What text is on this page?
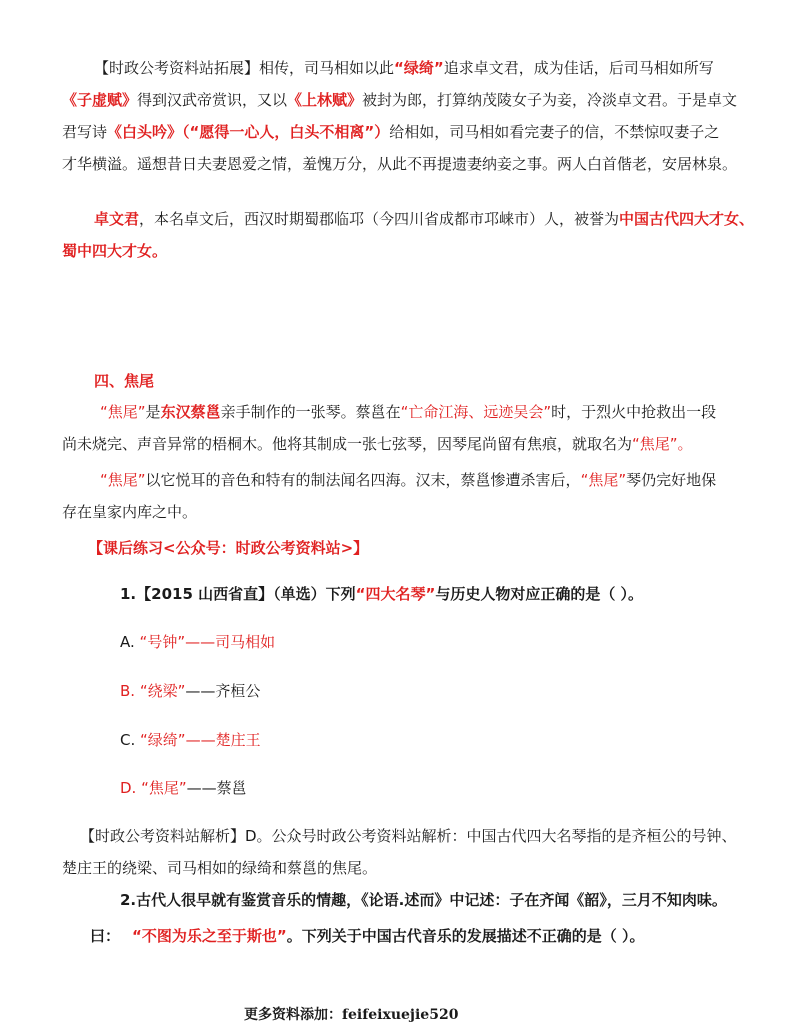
【时政公考资料站拓展】相传，司马相如以此“绿绮”追求卓文君，成为佳话，后司马相如所写
《子虚赋》得到汉武帝赏识，又以《上林赋》被封为郎，打算纳茂陵女子为妾，冷淡卓文君。于是卓文
君写诗《白头吟》（“愿得一心人，白头不相离”）给相如，司马相如看完妻子的信，不禁惊叹妻子之
才华横溢。遥想昔日夫妻恩爱之情，羞愧万分，从此不再提遗妻纳妾之事。两人白首偕老，安居林泉。

卓文君，本名卓文后，西汉时期蜀郡临邛（今四川省成都市邛崃市）人，被誉为中国古代四大才女、
蜀中四大才女。

四、焦尾

“焦尾”是东汉蔡邕亲手制作的一张琴。蔡邕在“亡命江海、远迹吴会”时，于烈火中抢救出一段
尚未烧完、声音异常的梧桐木。他将其制成一张七弦琴，因琴尾尚留有焦痕，就取名为“焦尾”。

“焦尾”以它悦耳的音色和特有的制法闻名四海。汉末，蔡邕惨遭杀害后，“焦尾”琴仍完好地保
存在皇家内库之中。

【课后练习<公众号：时政公考资料站>】
1.【2015 山西省直】（单选）下列“四大名琴”与历史人物对应正确的是（ ）。
A. “号钟”——司马相如
B. “绕梁”——齐桓公
C. “绿绮”——楚庄王
D. “焦尾”——蔡邕

【时政公考资料站解析】D。公众号时政公考资料站解析：中国古代四大名琴指的是齐桓公的号钟、
楚庄王的绕梁、司马相如的绿绮和蔡邕的焦尾。

2.古代人很早就有鉴赏音乐的情趣，《论语.述而》中记述：子在齐闻《韶》，三月不知肉味。
曰： “不图为乐之至于斯也”。下列关于中国古代音乐的发展描述不正确的是（ ）。
更多资料添加：feifeixuejie520
